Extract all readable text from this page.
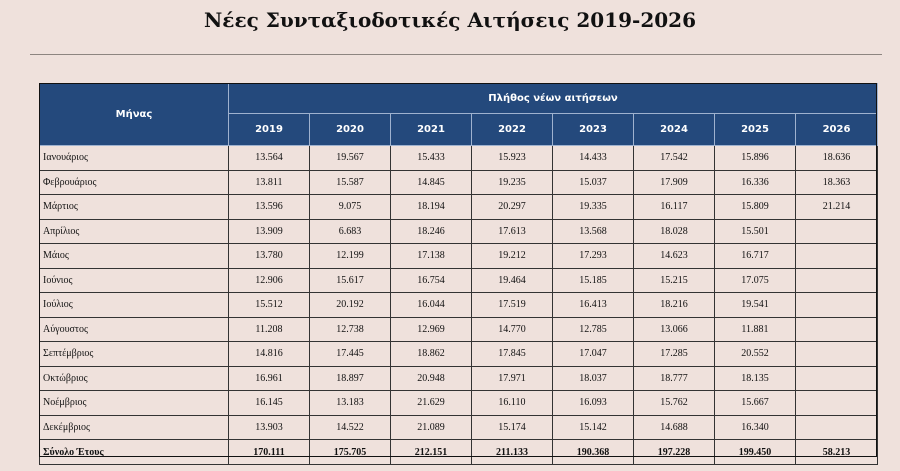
Νέες Συνταξιοδοτικές Αιτήσεις 2019-2026
Μήνας	Πλήθος νέων αιτήσεων							
	2019	2020	2021	2022	2023	2024	2025	2026
Ιανουάριος	13.564	19.567	15.433	15.923	14.433	17.542	15.896	18.636
Φεβρουάριος	13.811	15.587	14.845	19.235	15.037	17.909	16.336	18.363
Μάρτιος	13.596	9.075	18.194	20.297	19.335	16.117	15.809	21.214
Απρίλιος	13.909	6.683	18.246	17.613	13.568	18.028	15.501	
Μάιος	13.780	12.199	17.138	19.212	17.293	14.623	16.717	
Ιούνιος	12.906	15.617	16.754	19.464	15.185	15.215	17.075	
Ιούλιος	15.512	20.192	16.044	17.519	16.413	18.216	19.541	
Αύγουστος	11.208	12.738	12.969	14.770	12.785	13.066	11.881	
Σεπτέμβριος	14.816	17.445	18.862	17.845	17.047	17.285	20.552	
Οκτώβριος	16.961	18.897	20.948	17.971	18.037	18.777	18.135	
Νοέμβριος	16.145	13.183	21.629	16.110	16.093	15.762	15.667	
Δεκέμβριος	13.903	14.522	21.089	15.174	15.142	14.688	16.340	
Σύνολο Έτους	170.111	175.705	212.151	211.133	190.368	197.228	199.450	58.213
